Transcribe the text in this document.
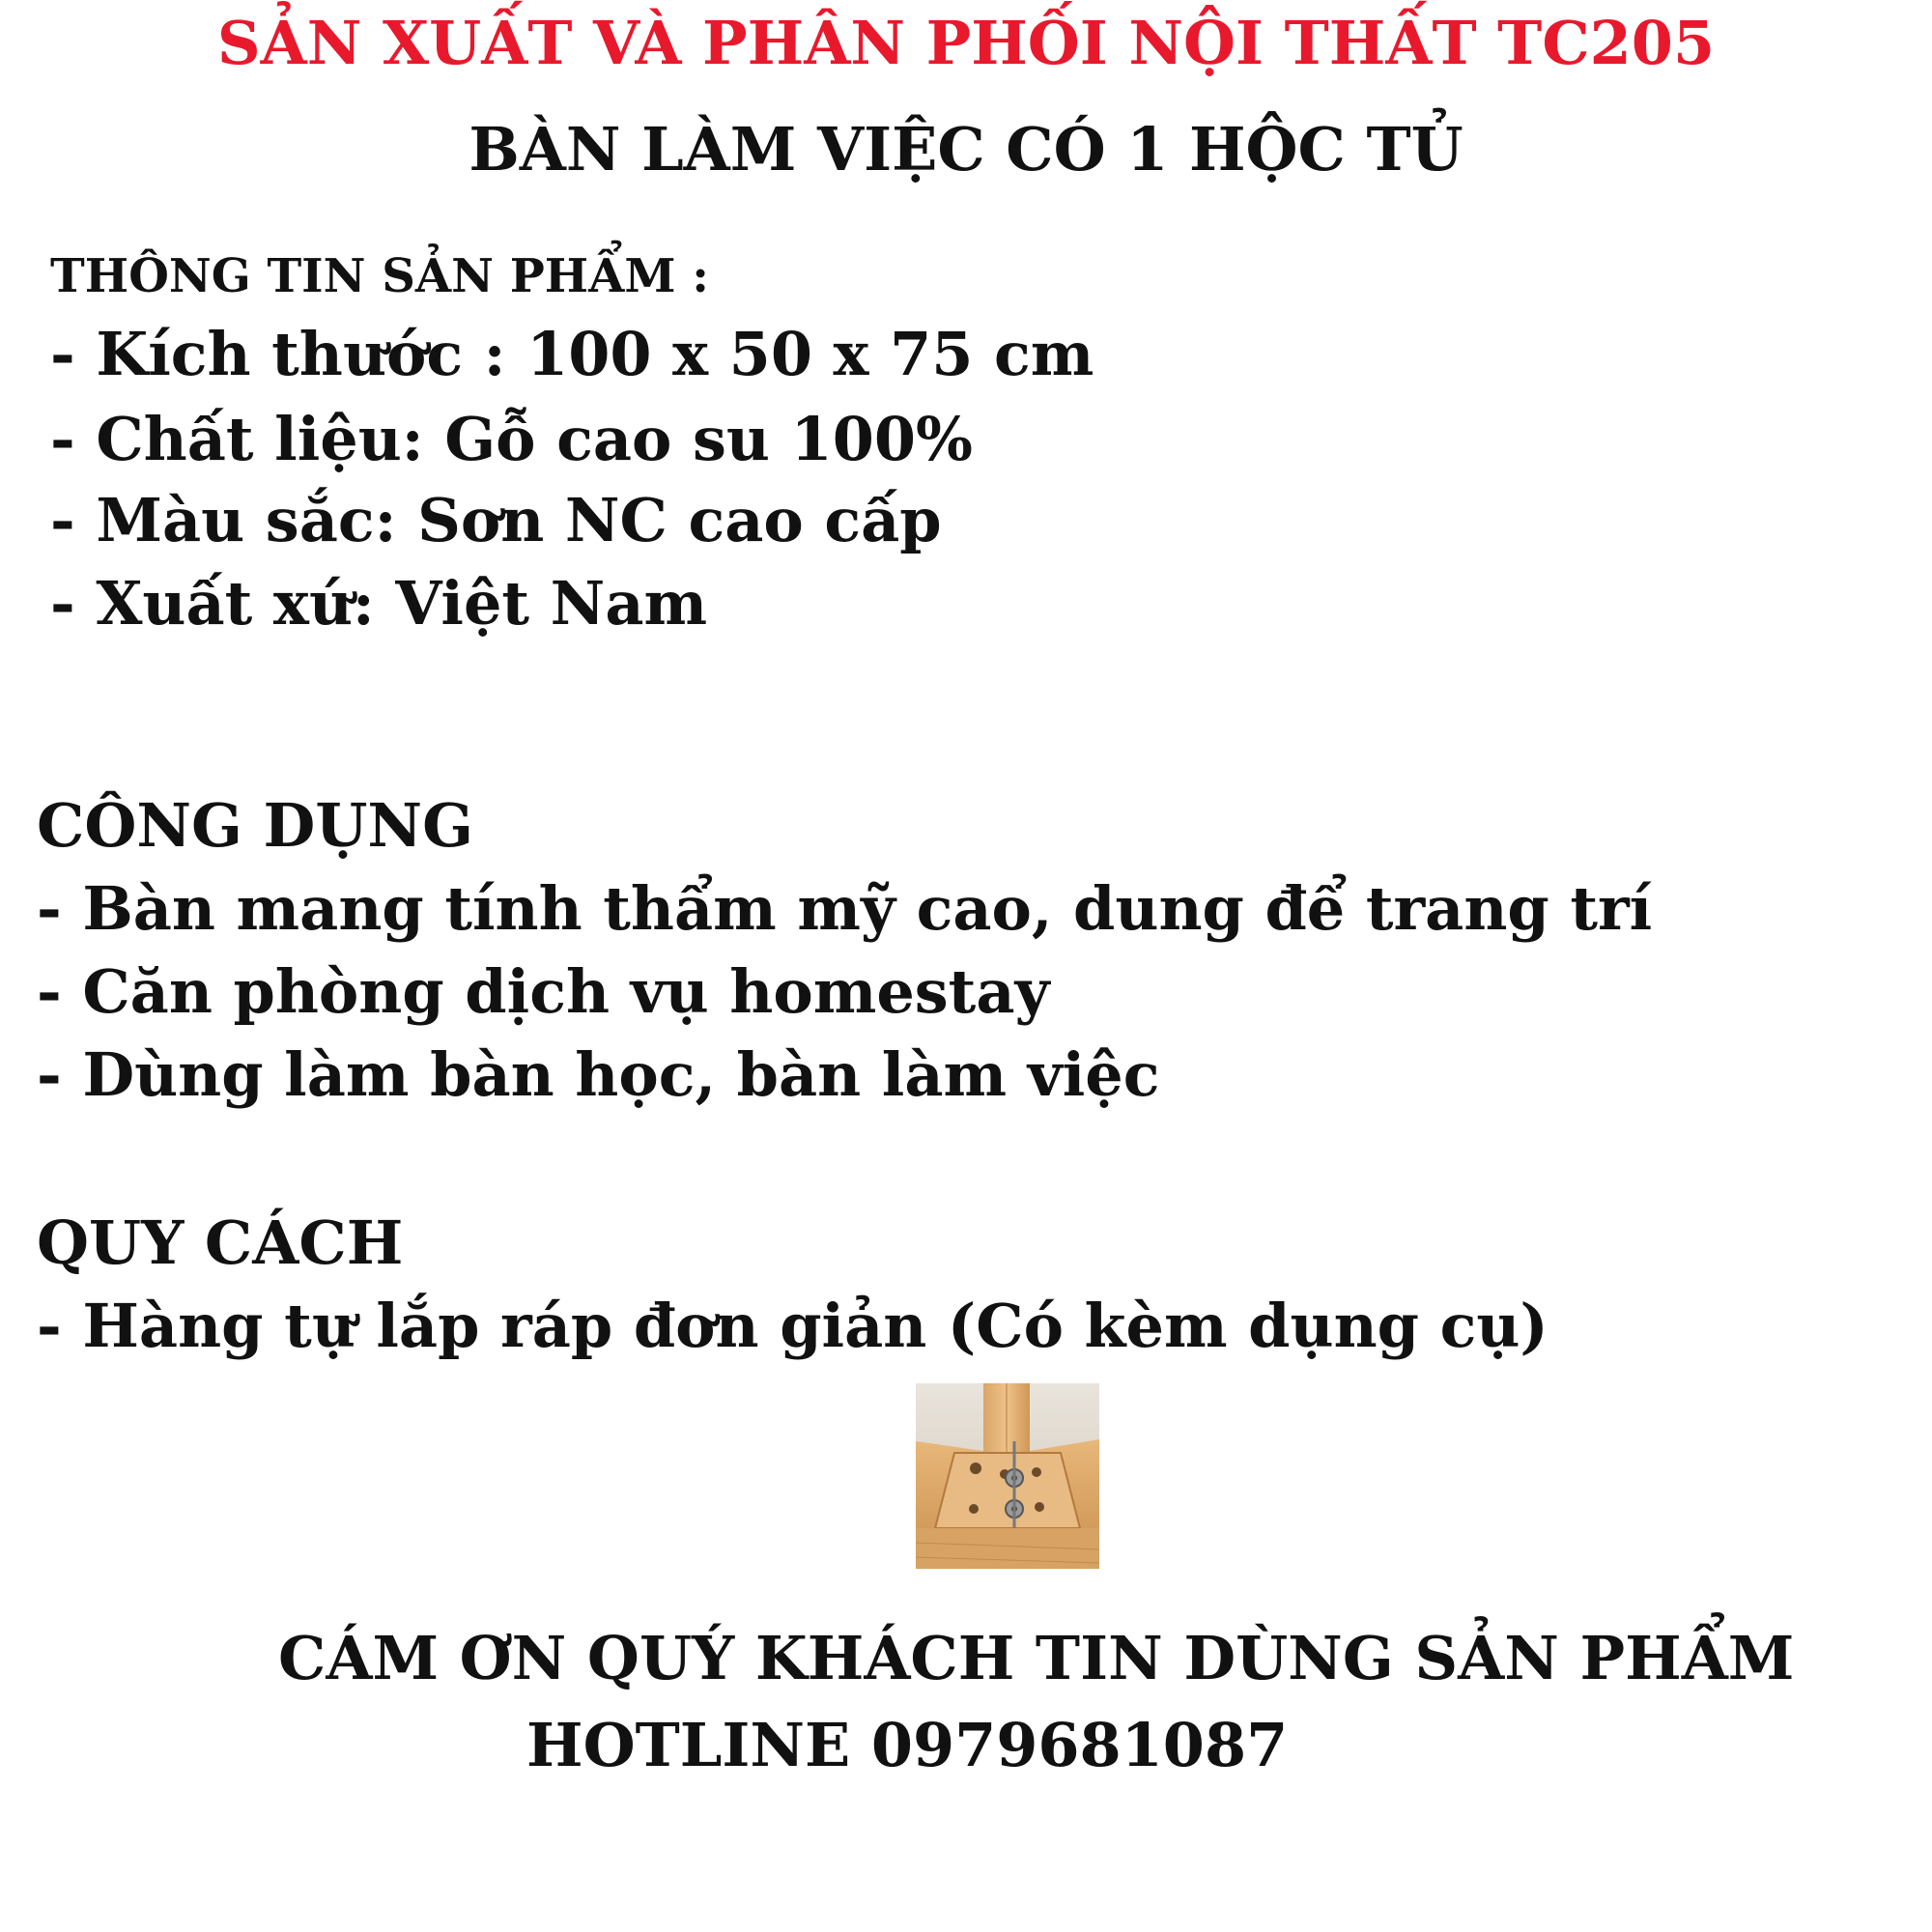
SẢN XUẤT VÀ PHÂN PHỐI NỘI THẤT TC205
BÀN LÀM VIỆC CÓ 1 HỘC TỦ
THÔNG TIN SẢN PHẨM :
- Kích thước : 100 x 50 x 75 cm
- Chất liệu: Gỗ cao su 100%
- Màu sắc: Sơn NC cao cấp
- Xuất xứ: Việt Nam
CÔNG DỤNG
- Bàn mang tính thẩm mỹ cao, dung để trang trí
- Căn phòng dịch vụ homestay
- Dùng làm bàn học, bàn làm việc
QUY CÁCH
- Hàng tự lắp ráp đơn giản (Có kèm dụng cụ)
CÁM ƠN QUÝ KHÁCH TIN DÙNG SẢN PHẨM
HOTLINE 0979681087
